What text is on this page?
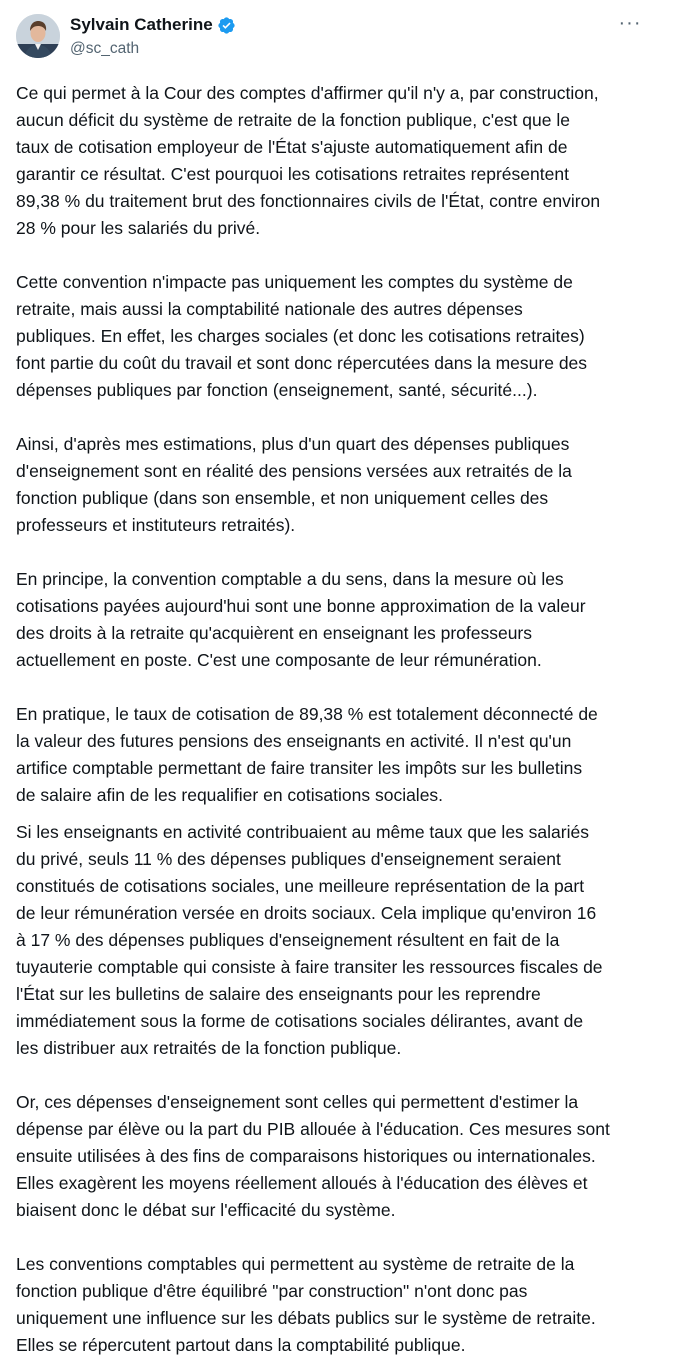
Sylvain Catherine
@sc_cath
···

Ce qui permet à la Cour des comptes d'affirmer qu'il n'y a, par construction,
aucun déficit du système de retraite de la fonction publique, c'est que le
taux de cotisation employeur de l'État s'ajuste automatiquement afin de
garantir ce résultat. C'est pourquoi les cotisations retraites représentent
89,38 % du traitement brut des fonctionnaires civils de l'État, contre environ
28 % pour les salariés du privé.

Cette convention n'impacte pas uniquement les comptes du système de
retraite, mais aussi la comptabilité nationale des autres dépenses
publiques. En effet, les charges sociales (et donc les cotisations retraites)
font partie du coût du travail et sont donc répercutées dans la mesure des
dépenses publiques par fonction (enseignement, santé, sécurité...).

Ainsi, d'après mes estimations, plus d'un quart des dépenses publiques
d'enseignement sont en réalité des pensions versées aux retraités de la
fonction publique (dans son ensemble, et non uniquement celles des
professeurs et instituteurs retraités).

En principe, la convention comptable a du sens, dans la mesure où les
cotisations payées aujourd'hui sont une bonne approximation de la valeur
des droits à la retraite qu'acquièrent en enseignant les professeurs
actuellement en poste. C'est une composante de leur rémunération.

En pratique, le taux de cotisation de 89,38 % est totalement déconnecté de
la valeur des futures pensions des enseignants en activité. Il n'est qu'un
artifice comptable permettant de faire transiter les impôts sur les bulletins
de salaire afin de les requalifier en cotisations sociales.

Si les enseignants en activité contribuaient au même taux que les salariés
du privé, seuls 11 % des dépenses publiques d'enseignement seraient
constitués de cotisations sociales, une meilleure représentation de la part
de leur rémunération versée en droits sociaux. Cela implique qu'environ 16
à 17 % des dépenses publiques d'enseignement résultent en fait de la
tuyauterie comptable qui consiste à faire transiter les ressources fiscales de
l'État sur les bulletins de salaire des enseignants pour les reprendre
immédiatement sous la forme de cotisations sociales délirantes, avant de
les distribuer aux retraités de la fonction publique.

Or, ces dépenses d'enseignement sont celles qui permettent d'estimer la
dépense par élève ou la part du PIB allouée à l'éducation. Ces mesures sont
ensuite utilisées à des fins de comparaisons historiques ou internationales.
Elles exagèrent les moyens réellement alloués à l'éducation des élèves et
biaisent donc le débat sur l'efficacité du système.

Les conventions comptables qui permettent au système de retraite de la
fonction publique d'être équilibré "par construction" n'ont donc pas
uniquement une influence sur les débats publics sur le système de retraite.
Elles se répercutent partout dans la comptabilité publique.
